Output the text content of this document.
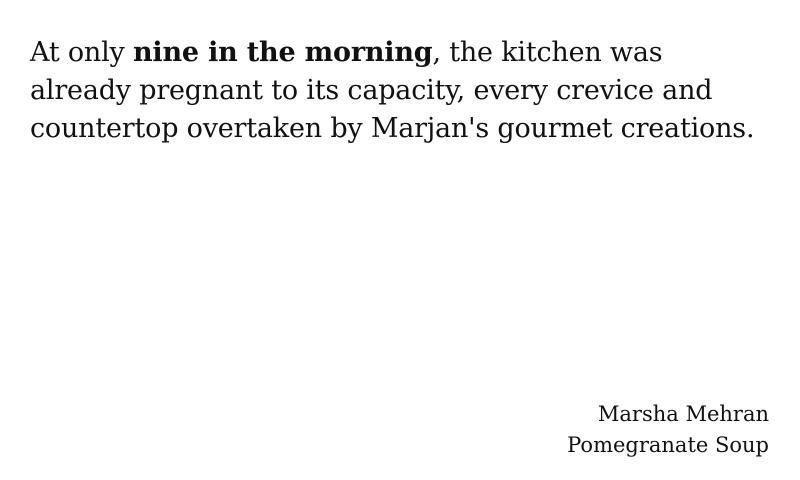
At only nine in the morning, the kitchen was already pregnant to its capacity, every crevice and countertop overtaken by Marjan's gourmet creations.
Marsha Mehran
Pomegranate Soup
